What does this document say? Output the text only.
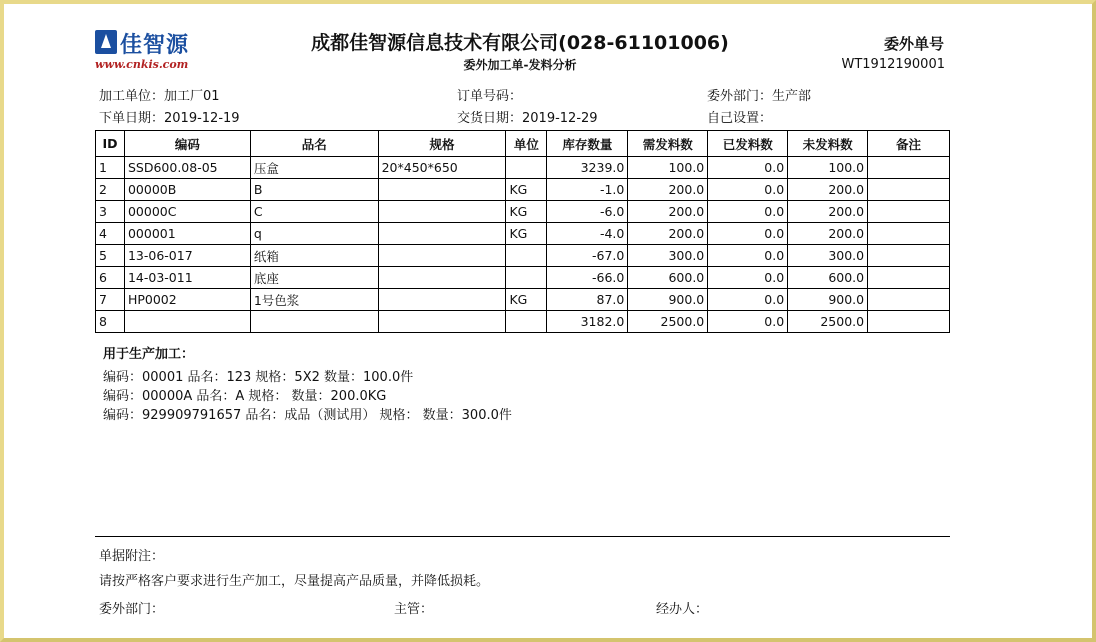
佳智源
www.cnkis.com
成都佳智源信息技术有限公司(028-61101006)
委外加工单-发料分析
委外单号
WT1912190001
加工单位：加工厂01	订单号码：	委外部门：生产部
下单日期：2019-12-19	交货日期：2019-12-29	自己设置：
ID	编码	品名	规格	单位	库存数量	需发料数	已发料数	未发料数	备注
1	SSD600.08-05	压盒	20*450*650		3239.0	100.0	0.0	100.0	
2	00000B	B		KG	-1.0	200.0	0.0	200.0	
3	00000C	C		KG	-6.0	200.0	0.0	200.0	
4	000001	q		KG	-4.0	200.0	0.0	200.0	
5	13-06-017	纸箱			-67.0	300.0	0.0	300.0	
6	14-03-011	底座			-66.0	600.0	0.0	600.0	
7	HP0002	1号色浆		KG	87.0	900.0	0.0	900.0	
8					3182.0	2500.0	0.0	2500.0	
用于生产加工：
编码：00001 品名：123 规格：5X2 数量：100.0件
编码：00000A 品名：A 规格： 数量：200.0KG
编码：929909791657 品名：成品（测试用） 规格： 数量：300.0件
单据附注：
请按严格客户要求进行生产加工，尽量提高产品质量，并降低损耗。
委外部门：	主管：	经办人：
